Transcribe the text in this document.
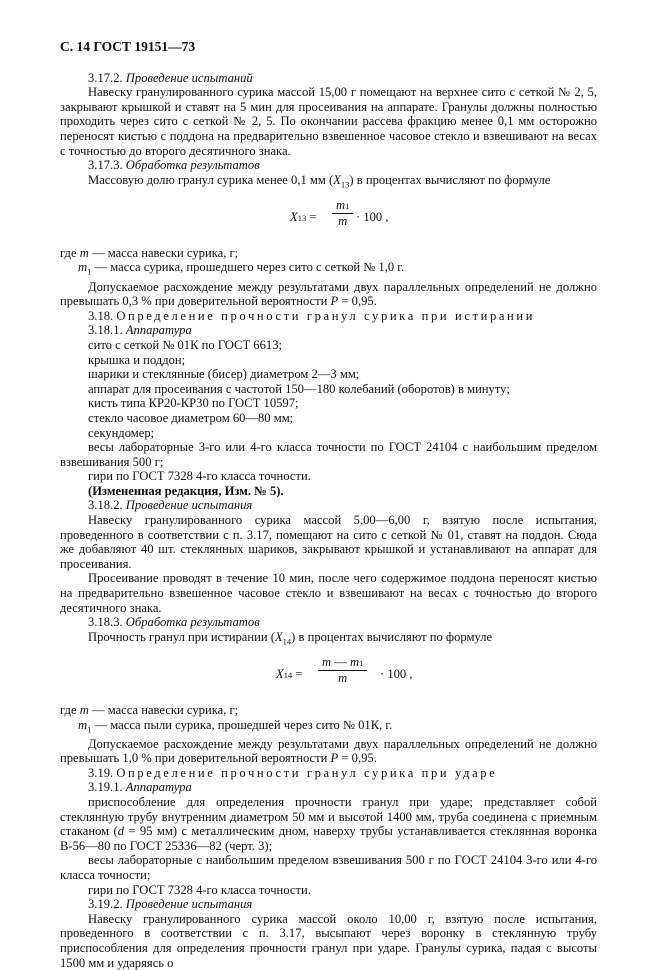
С. 14 ГОСТ 19151—73

3.17.2. Проведение испытаний

Навеску гранулированного сурика массой 15,00 г помещают на верхнее сито с сеткой № 2, 5, закрывают крышкой и ставят на 5 мин для просеивания на аппарате. Гранулы должны полностью проходить через сито с сеткой № 2, 5. По окончании рассева фракцию менее 0,1 мм осторожно переносят кистью с поддона на предварительно взвешенное часовое стекло и взвешивают на весах с точностью до второго десятичного знака.

3.17.3. Обработка результатов

Массовую долю гранул сурика менее 0,1 мм $(X_{13})$ в процентах вычисляют по формуле

$X13 = \frac{m1}{m} \cdot 100$ ,

где m — масса навески сурика, г;

$m_1$ — масса сурика, прошедшего через сито с сеткой № 1,0 г.

Допускаемое расхождение между результатами двух параллельных определений не должно превышать 0,3 % при доверительной вероятности P = 0,95.

3.18. Определение прочности гранул сурика при истирании

3.18.1. Аппаратура

сито с сеткой № 01К по ГОСТ 6613;

крышка и поддон;

шарики и стеклянные (бисер) диаметром 2—3 мм;

аппарат для просеивания с частотой 150—180 колебаний (оборотов) в минуту;

кисть типа КР20-КР30 по ГОСТ 10597;

стекло часовое диаметром 60—80 мм;

секундомер;

весы лабораторные 3-го или 4-го класса точности по ГОСТ 24104 с наибольшим пределом взвешивания 500 г;

гири по ГОСТ 7328 4-го класса точности.

(Измененная редакция, Изм. № 5).

3.18.2. Проведение испытания

Навеску гранулированного сурика массой 5,00—6,00 г, взятую после испытания, проведенного в соответствии с п. 3.17, помещают на сито с сеткой № 01, ставят на поддон. Сюда же добавляют 40 шт. стеклянных шариков, закрывают крышкой и устанавливают на аппарат для просеивания.

Просеивание проводят в течение 10 мин, после чего содержимое поддона переносят кистью на предварительно взвешенное часовое стекло и взвешивают на весах с точностью до второго десятичного знака.

3.18.3. Обработка результатов

Прочность гранул при истирании $(X_{14})$ в процентах вычисляют по формуле

$X14 = \frac{m — m1}{m} \cdot 100$ ,

где m — масса навески сурика, г;

$m_1$ — масса пыли сурика, прошедшей через сито № 01К, г.

Допускаемое расхождение между результатами двух параллельных определений не должно превышать 1,0 % при доверительной вероятности P = 0,95.

3.19. Определение прочности гранул сурика при ударе

3.19.1. Аппаратура

приспособление для определения прочности гранул при ударе; представляет собой стеклянную трубу внутренним диаметром 50 мм и высотой 1400 мм, труба соединена с приемным стаканом (d = 95 мм) с металлическим дном, наверху трубы устанавливается стеклянная воронка В-56—80 по ГОСТ 25336—82 (черт. 3);

весы лабораторные с наибольшим пределом взвешивания 500 г по ГОСТ 24104 3-го или 4-го класса точности;

гири по ГОСТ 7328 4-го класса точности.

3.19.2. Проведение испытания

Навеску гранулированного сурика массой около 10,00 г, взятую после испытания, проведенного в соответствии с п. 3.17, высыпают через воронку в стеклянную трубу приспособления для определения прочности гранул при ударе. Гранулы сурика, падая с высоты 1500 мм и ударяясь о
